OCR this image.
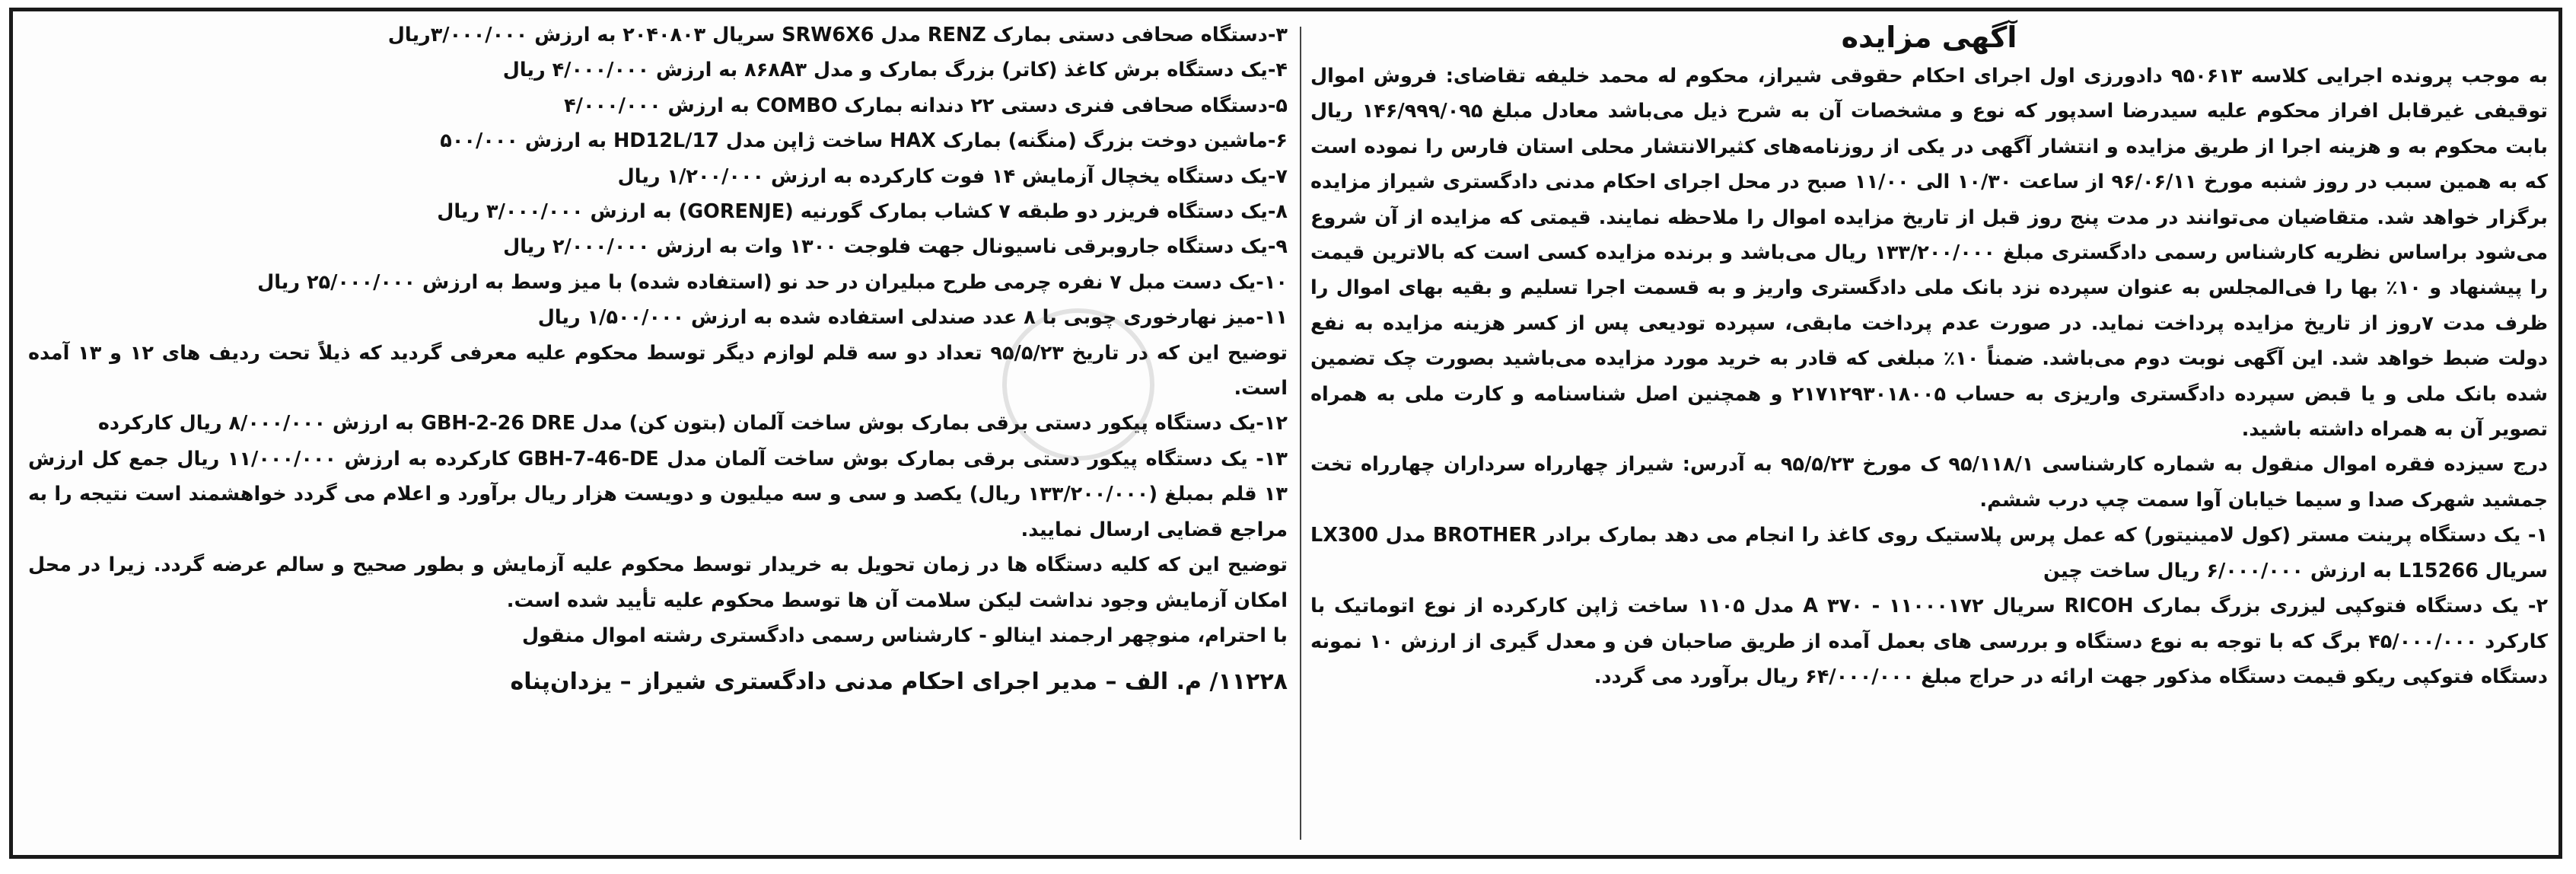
آگهی مزایده

به موجب پرونده اجرایی کلاسه ۹۵۰۶۱۳ دادورزی اول اجرای احکام حقوقی شیراز، محکوم له محمد خلیفه تقاضای: فروش اموال توقیفی غیرقابل افراز محکوم علیه سیدرضا اسدپور که نوع و مشخصات آن به شرح ذیل می‌باشد معادل مبلغ ۱۴۶/۹۹۹/۰۹۵ ریال بابت محکوم به و هزینه اجرا از طریق مزایده و انتشار آگهی در یکی از روزنامه‌های کثیرالانتشار محلی استان فارس را نموده است که به همین سبب در روز شنبه مورخ ۹۶/۰۶/۱۱ از ساعت ۱۰/۳۰ الی ۱۱/۰۰ صبح در محل اجرای احکام مدنی دادگستری شیراز مزایده برگزار خواهد شد. متقاضیان می‌توانند در مدت پنج روز قبل از تاریخ مزایده اموال را ملاحظه نمایند. قیمتی که مزایده از آن شروع می‌شود براساس نظریه کارشناس رسمی دادگستری مبلغ ۱۳۳/۲۰۰/۰۰۰ ریال می‌باشد و برنده مزایده کسی است که بالاترین قیمت را پیشنهاد و ۱۰٪ بها را فی‌المجلس به عنوان سپرده نزد بانک ملی دادگستری واریز و به قسمت اجرا تسلیم و بقیه بهای اموال را ظرف مدت ۷روز از تاریخ مزایده پرداخت نماید. در صورت عدم پرداخت مابقی، سپرده تودیعی پس از کسر هزینه مزایده به نفع دولت ضبط خواهد شد. این آگهی نوبت دوم می‌باشد. ضمناً ۱۰٪ مبلغی که قادر به خرید مورد مزایده می‌باشید بصورت چک تضمین شده بانک ملی و یا قبض سپرده دادگستری واریزی به حساب ۲۱۷۱۲۹۳۰۱۸۰۰۵ و همچنین اصل شناسنامه و کارت ملی به همراه تصویر آن به همراه داشته باشید.

درج سیزده فقره اموال منقول به شماره کارشناسی ۹۵/۱۱۸/۱ ک مورخ ۹۵/۵/۲۳ به آدرس: شیراز چهارراه سرداران چهارراه تخت جمشید شهرک صدا و سیما خیابان آوا سمت چپ درب ششم.

۱- یک دستگاه پرینت مستر (کول لامینیتور) که عمل پرس پلاستیک روی کاغذ را انجام می دهد بمارک برادر BROTHER مدل LX300 سریال L15266 به ارزش ۶/۰۰۰/۰۰۰ ریال ساخت چین

۲- یک دستگاه فتوکپی لیزری بزرگ بمارک RICOH سریال ۱۱۰۰۰۱۷۲ - ۳۷۰ A مدل ۱۱۰۵ ساخت ژاپن کارکرده از نوع اتوماتیک با کارکرد ۴۵/۰۰۰/۰۰۰ برگ که با توجه به نوع دستگاه و بررسی های بعمل آمده از طریق صاحبان فن و معدل گیری از ارزش ۱۰ نمونه دستگاه فتوکپی ریکو قیمت دستگاه مذکور جهت ارائه در حراج مبلغ ۶۴/۰۰۰/۰۰۰ ریال برآورد می گردد.

۳-دستگاه صحافی دستی بمارک RENZ مدل SRW6X6 سریال ۲۰۴۰۸۰۳ به ارزش ۳/۰۰۰/۰۰۰ریال

۴-یک دستگاه برش کاغذ (کاتر) بزرگ بمارک و مدل ۸۶۸A۳ به ارزش ۴/۰۰۰/۰۰۰ ریال

۵-دستگاه صحافی فنری دستی ۲۲ دندانه بمارک COMBO به ارزش ۴/۰۰۰/۰۰۰

۶-ماشین دوخت بزرگ (منگنه) بمارک HAX ساخت ژاپن مدل HD12L/17 به ارزش ۵۰۰/۰۰۰

۷-یک دستگاه یخچال آزمایش ۱۴ فوت کارکرده به ارزش ۱/۲۰۰/۰۰۰ ریال

۸-یک دستگاه فریزر دو طبقه ۷ کشاب بمارک گورنیه (GORENJE) به ارزش ۳/۰۰۰/۰۰۰ ریال

۹-یک دستگاه جاروبرقی ناسیونال جهت فلوجت ۱۳۰۰ وات به ارزش ۲/۰۰۰/۰۰۰ ریال

۱۰-یک دست مبل ۷ نفره چرمی طرح مبلیران در حد نو (استفاده شده) با میز وسط به ارزش ۲۵/۰۰۰/۰۰۰ ریال

۱۱-میز نهارخوری چوبی با ۸ عدد صندلی استفاده شده به ارزش ۱/۵۰۰/۰۰۰ ریال

توضیح این که در تاریخ ۹۵/۵/۲۳ تعداد دو سه قلم لوازم دیگر توسط محکوم علیه معرفی گردید که ذیلاً تحت ردیف های ۱۲ و ۱۳ آمده است.

۱۲-یک دستگاه پیکور دستی برقی بمارک بوش ساخت آلمان (بتون کن) مدل GBH-2-26 DRE به ارزش ۸/۰۰۰/۰۰۰ ریال کارکرده

۱۳- یک دستگاه پیکور دستی برقی بمارک بوش ساخت آلمان مدل GBH-7-46-DE کارکرده به ارزش ۱۱/۰۰۰/۰۰۰ ریال جمع کل ارزش ۱۳ قلم بمبلغ (۱۳۳/۲۰۰/۰۰۰ ریال) یکصد و سی و سه میلیون و دویست هزار ریال برآورد و اعلام می گردد خواهشمند است نتیجه را به مراجع قضایی ارسال نمایید.

توضیح این که کلیه دستگاه ها در زمان تحویل به خریدار توسط محکوم علیه آزمایش و بطور صحیح و سالم عرضه گردد. زیرا در محل امکان آزمایش وجود نداشت لیکن سلامت آن ها توسط محکوم علیه تأیید شده است.

با احترام، منوچهر ارجمند اینالو - کارشناس رسمی دادگستری رشته اموال منقول

۱۱۲۲۸/ م. الف – مدیر اجرای احکام مدنی دادگستری شیراز – یزدان‌پناه
